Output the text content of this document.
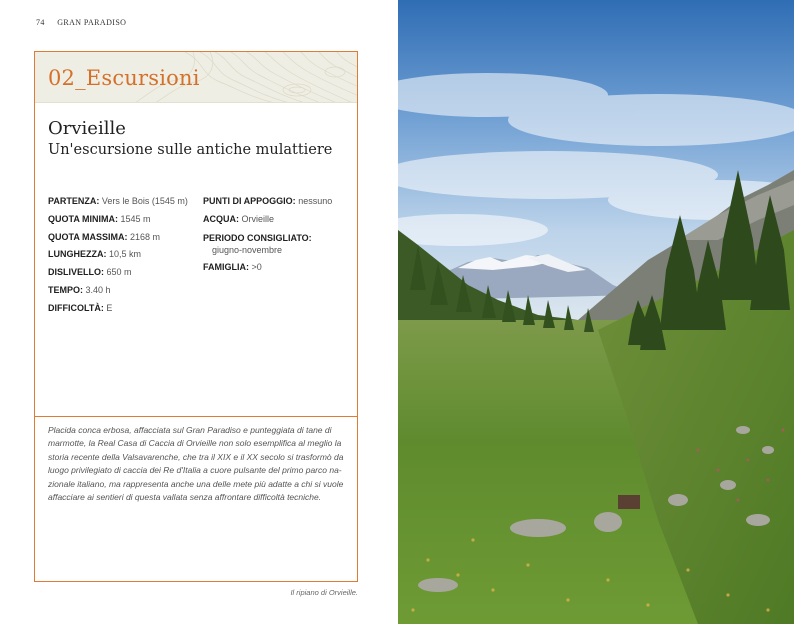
74 GRAN PARADISO
02_Escursioni
Orvieille
Un'escursione sulle antiche mulattiere
PARTENZA: Vers le Bois (1545 m)
QUOTA MINIMA: 1545 m
QUOTA MASSIMA: 2168 m
LUNGHEZZA: 10,5 km
DISLIVELLO: 650 m
TEMPO: 3.40 h
DIFFICOLTÀ: E
PUNTI DI APPOGGIO: nessuno
ACQUA: Orvieille
PERIODO CONSIGLIATO:
giugno-novembre
FAMIGLIA: >0
Placida conca erbosa, affacciata sul Gran Paradiso e punteggiata di tane di
marmotte, la Real Casa di Caccia di Orvieille non solo esemplifica al meglio la
storia recente della Valsavarenche, che tra il XIX e il XX secolo si trasformò da
luogo privilegiato di caccia dei Re d'Italia a cuore pulsante del primo parco na-
zionale italiano, ma rappresenta anche una delle mete più adatte a chi si vuole
affacciare ai sentieri di questa vallata senza affrontare difficoltà tecniche.
Il ripiano di Orvieille.
